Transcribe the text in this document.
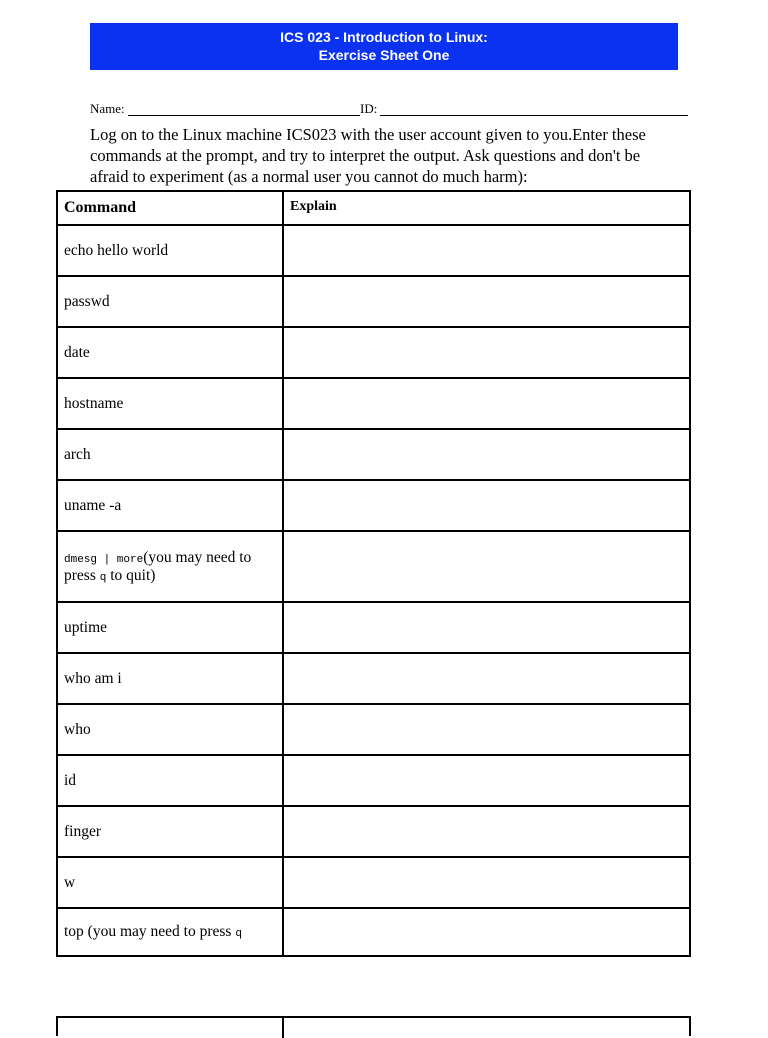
ICS 023 - Introduction to Linux:
Exercise Sheet One
Name:	ID:
Log on to the Linux machine ICS023 with the user account given to you.Enter these commands at the prompt, and try to interpret the output. Ask questions and don't be afraid to experiment (as a normal user you cannot do much harm):
Command	Explain
echo hello world	
passwd	
date	
hostname	
arch	
uname -a	
dmesg | more(you may need to press q to quit)	
uptime	
who am i	
who	
id	
finger	
w	
top (you may need to press q	
